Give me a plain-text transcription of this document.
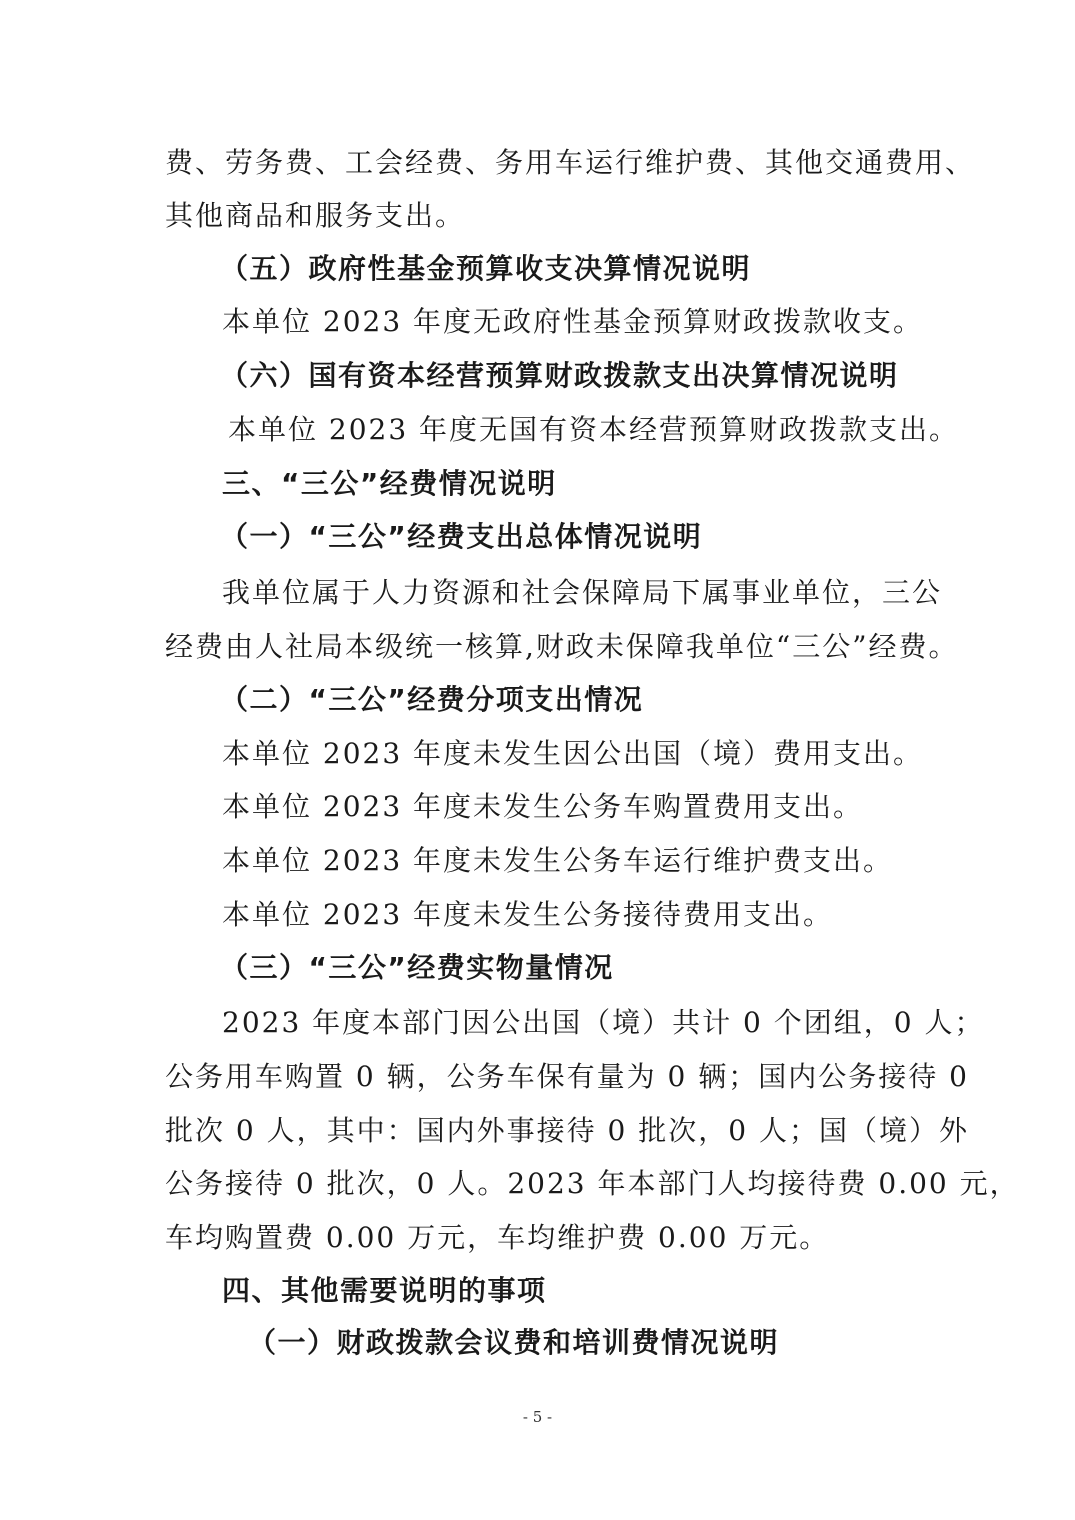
费、劳务费、工会经费、务用车运行维护费、其他交通费用、
其他商品和服务支出。
（五）政府性基金预算收支决算情况说明
本单位 2023 年度无政府性基金预算财政拨款收支。
（六）国有资本经营预算财政拨款支出决算情况说明
本单位 2023 年度无国有资本经营预算财政拨款支出。
三、“三公”经费情况说明
（一）“三公”经费支出总体情况说明
我单位属于人力资源和社会保障局下属事业单位，三公
经费由人社局本级统一核算,财政未保障我单位“三公”经费。
（二）“三公”经费分项支出情况
本单位 2023 年度未发生因公出国（境）费用支出。
本单位 2023 年度未发生公务车购置费用支出。
本单位 2023 年度未发生公务车运行维护费支出。
本单位 2023 年度未发生公务接待费用支出。
（三）“三公”经费实物量情况
2023 年度本部门因公出国（境）共计 0 个团组，0 人；
公务用车购置 0 辆，公务车保有量为 0 辆；国内公务接待 0
批次 0 人，其中：国内外事接待 0 批次，0 人；国（境）外
公务接待 0 批次，0 人。2023 年本部门人均接待费 0.00 元，
车均购置费 0.00 万元，车均维护费 0.00 万元。
四、其他需要说明的事项
（一）财政拨款会议费和培训费情况说明
- 5 -
